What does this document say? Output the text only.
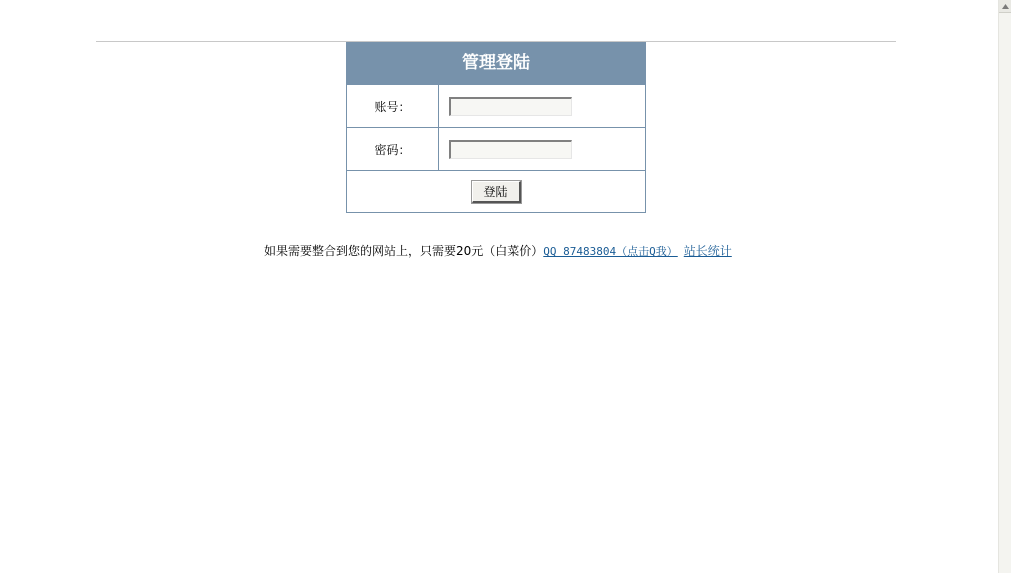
管理登陆
账号：
密码：
登陆
如果需要整合到您的网站上，只需要20元（白菜价）QQ 87483804（点击Q我） 站长统计
